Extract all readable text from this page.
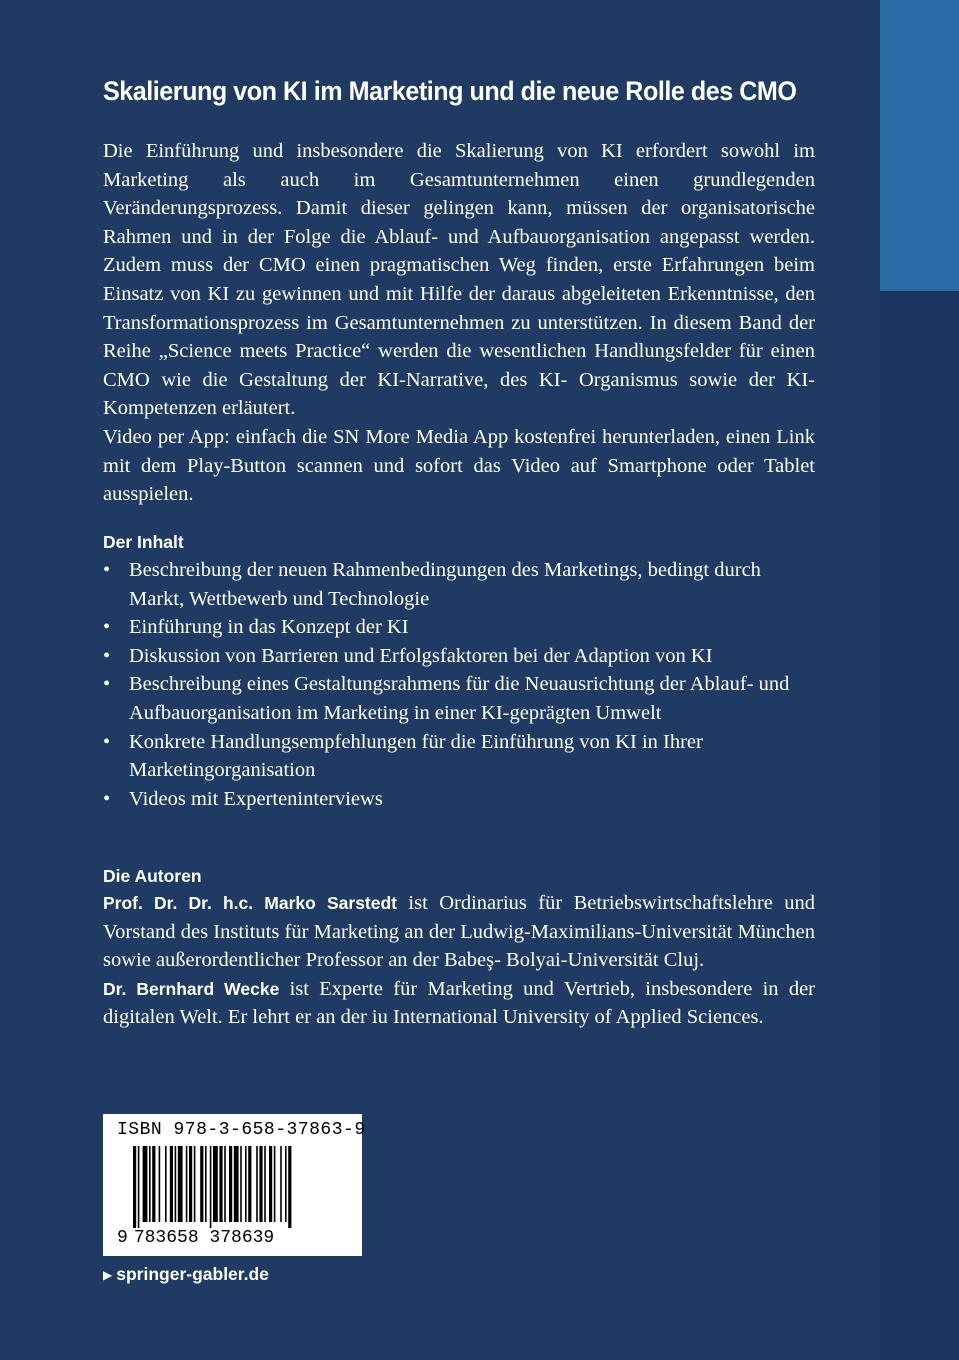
Skalierung von KI im Marketing und die neue Rolle des CMO

Die Einführung und insbesondere die Skalierung von KI erfordert sowohl im Marketing als auch im Gesamtunternehmen einen grundlegenden Veränderungsprozess. Damit dieser gelingen kann, müssen der organisatorische Rahmen und in der Folge die Ablauf- und Aufbauorganisation angepasst werden. Zudem muss der CMO einen pragmatischen Weg finden, erste Erfahrungen beim Einsatz von KI zu gewinnen und mit Hilfe der daraus abgeleiteten Erkenntnisse, den Transformationsprozess im Gesamtunternehmen zu unterstützen. In diesem Band der Reihe „Science meets Practice“ werden die wesentlichen Handlungsfelder für einen CMO wie die Gestaltung der KI-Narrative, des KI- Organismus sowie der KI-Kompetenzen erläutert.

Video per App: einfach die SN More Media App kostenfrei herunterladen, einen Link mit dem Play-Button scannen und sofort das Video auf Smartphone oder Tablet ausspielen.

Der Inhalt
• Beschreibung der neuen Rahmenbedingungen des Marketings, bedingt durch Markt, Wettbewerb und Technologie
• Einführung in das Konzept der KI
• Diskussion von Barrieren und Erfolgsfaktoren bei der Adaption von KI
• Beschreibung eines Gestaltungsrahmens für die Neuausrichtung der Ablauf- und Aufbauorganisation im Marketing in einer KI-geprägten Umwelt
• Konkrete Handlungsempfehlungen für die Einführung von KI in Ihrer Marketingorganisation
• Videos mit Experteninterviews
Die Autoren

Prof. Dr. Dr. h.c. Marko Sarstedt ist Ordinarius für Betriebswirtschaftslehre und Vorstand des Instituts für Marketing an der Ludwig-Maximilians-Universität München sowie außerordentlicher Professor an der Babeş- Bolyai-Universität Cluj.

Dr. Bernhard Wecke ist Experte für Marketing und Vertrieb, insbesondere in der digitalen Welt. Er lehrt er an der iu International University of Applied Sciences.

ISBN 978-3-658-37863-9
9 783658 378639
▶ springer-gabler.de
